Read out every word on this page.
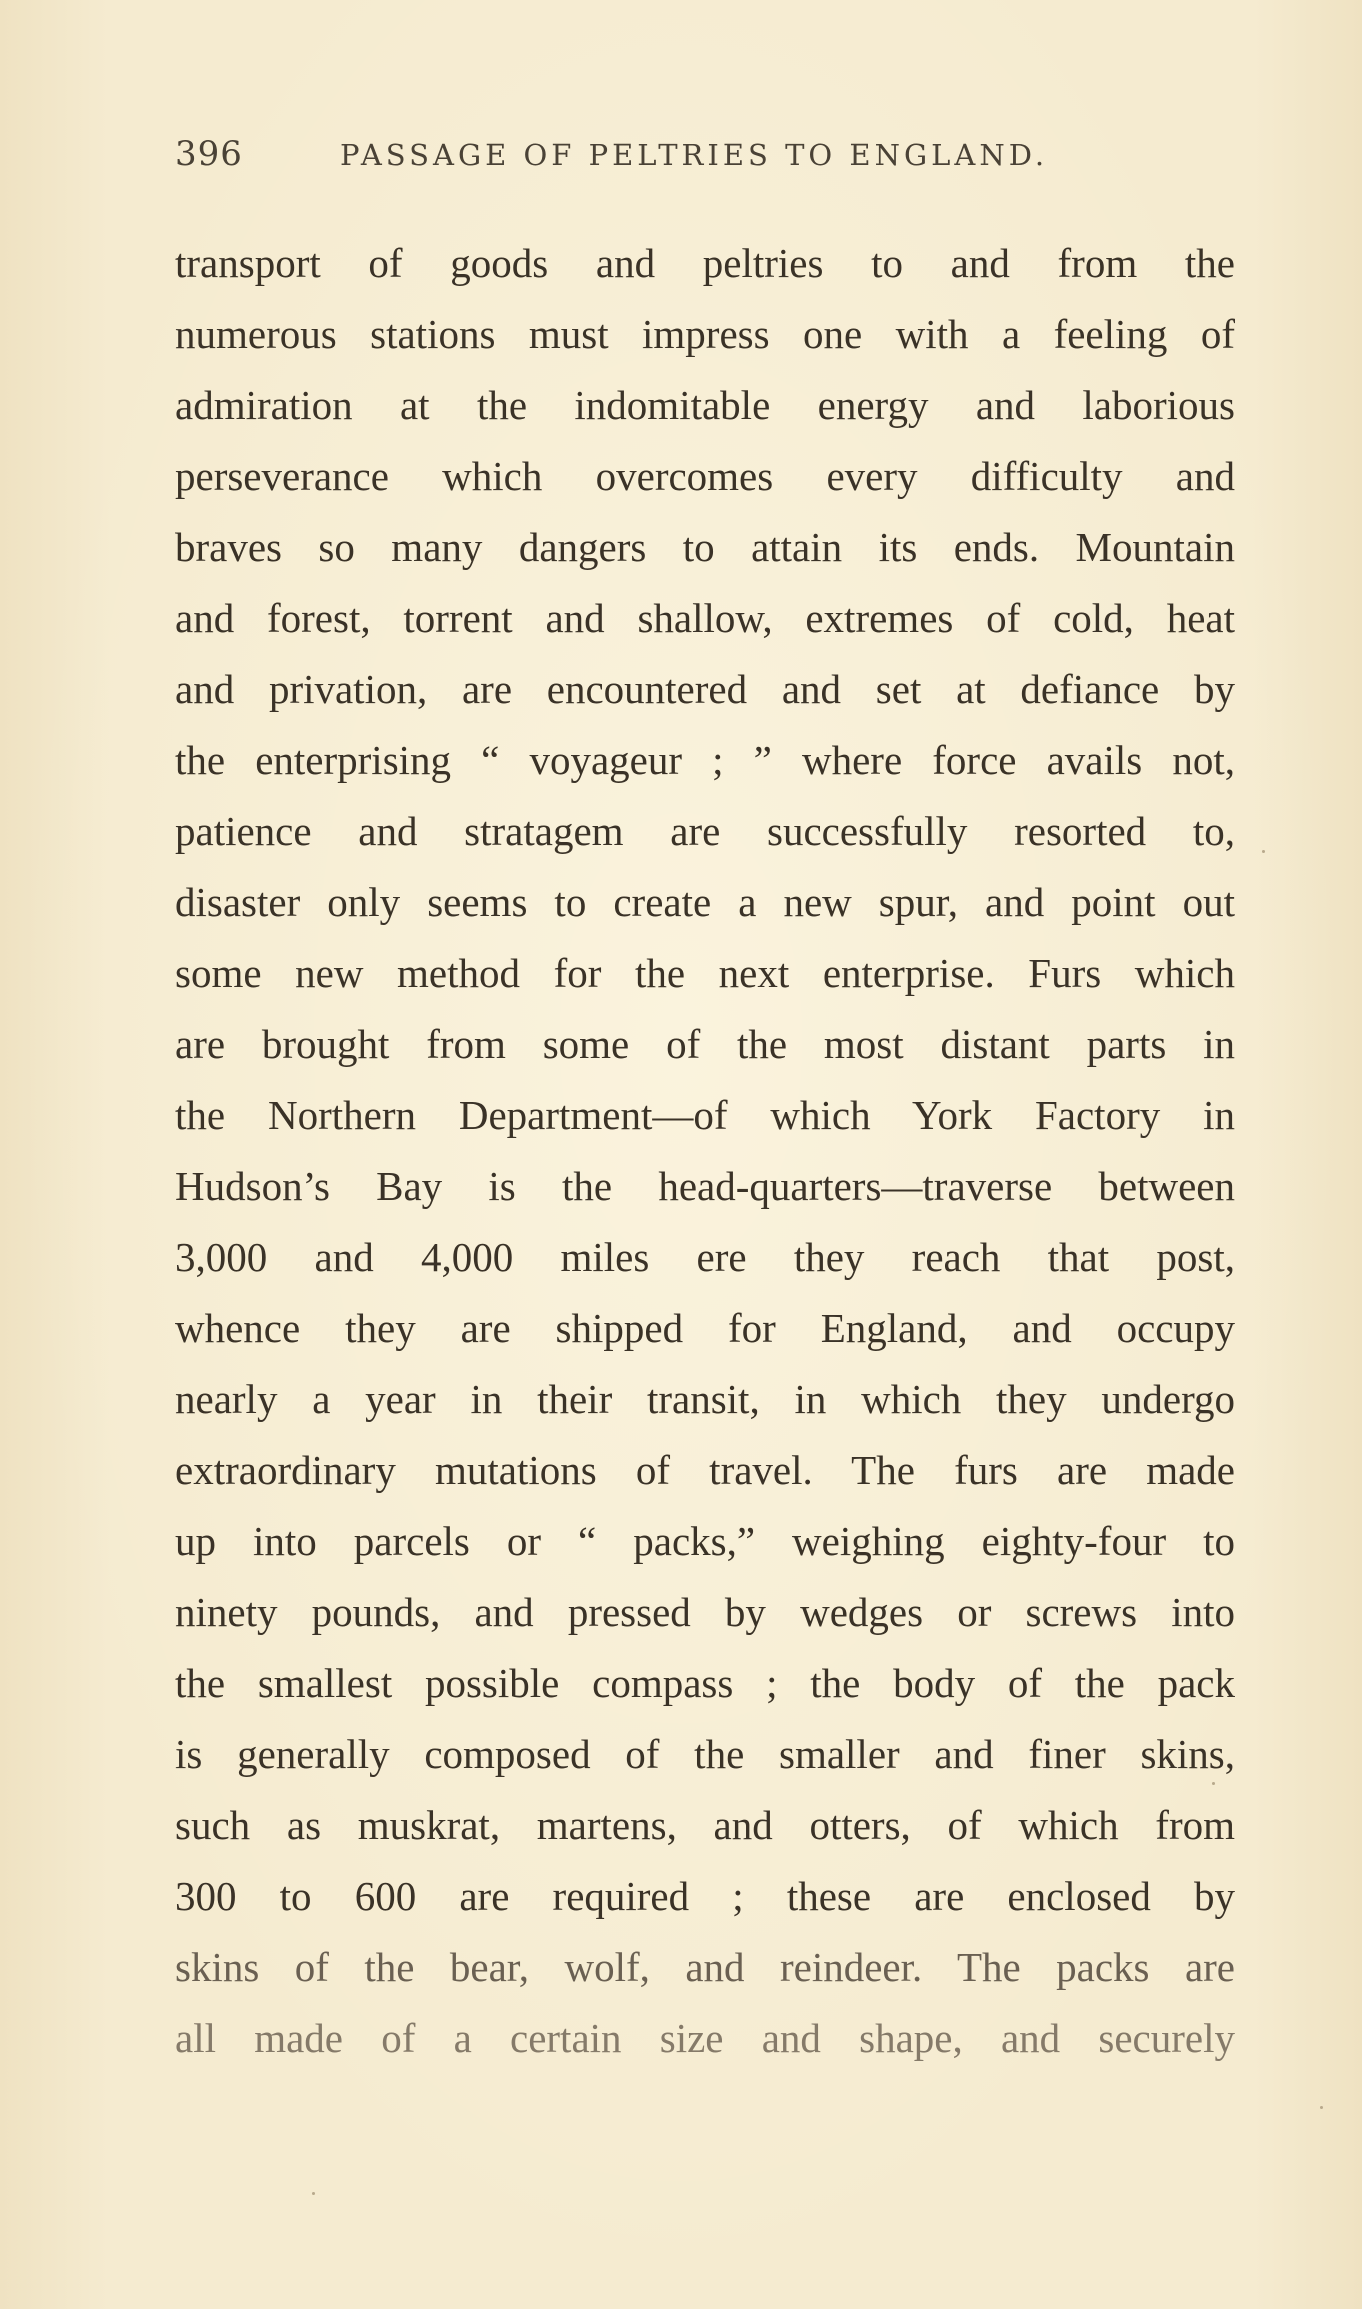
396	PASSAGE OF PELTRIES TO ENGLAND.
transport of goods and peltries to and from the
numerous stations must impress one with a feeling of
admiration at the indomitable energy and laborious
perseverance which overcomes every difficulty and
braves so many dangers to attain its ends. Mountain
and forest, torrent and shallow, extremes of cold, heat
and privation, are encountered and set at defiance by
the enterprising “ voyageur ; ” where force avails not,
patience and stratagem are successfully resorted to,
disaster only seems to create a new spur, and point out
some new method for the next enterprise. Furs which
are brought from some of the most distant parts in
the Northern Department—of which York Factory in
Hudson’s Bay is the head-quarters—traverse between
3,000 and 4,000 miles ere they reach that post,
whence they are shipped for England, and occupy
nearly a year in their transit, in which they undergo
extraordinary mutations of travel. The furs are made
up into parcels or “ packs,” weighing eighty-four to
ninety pounds, and pressed by wedges or screws into
the smallest possible compass ; the body of the pack
is generally composed of the smaller and finer skins,
such as muskrat, martens, and otters, of which from
300 to 600 are required ; these are enclosed by
skins of the bear, wolf, and reindeer. The packs are
all made of a certain size and shape, and securely
